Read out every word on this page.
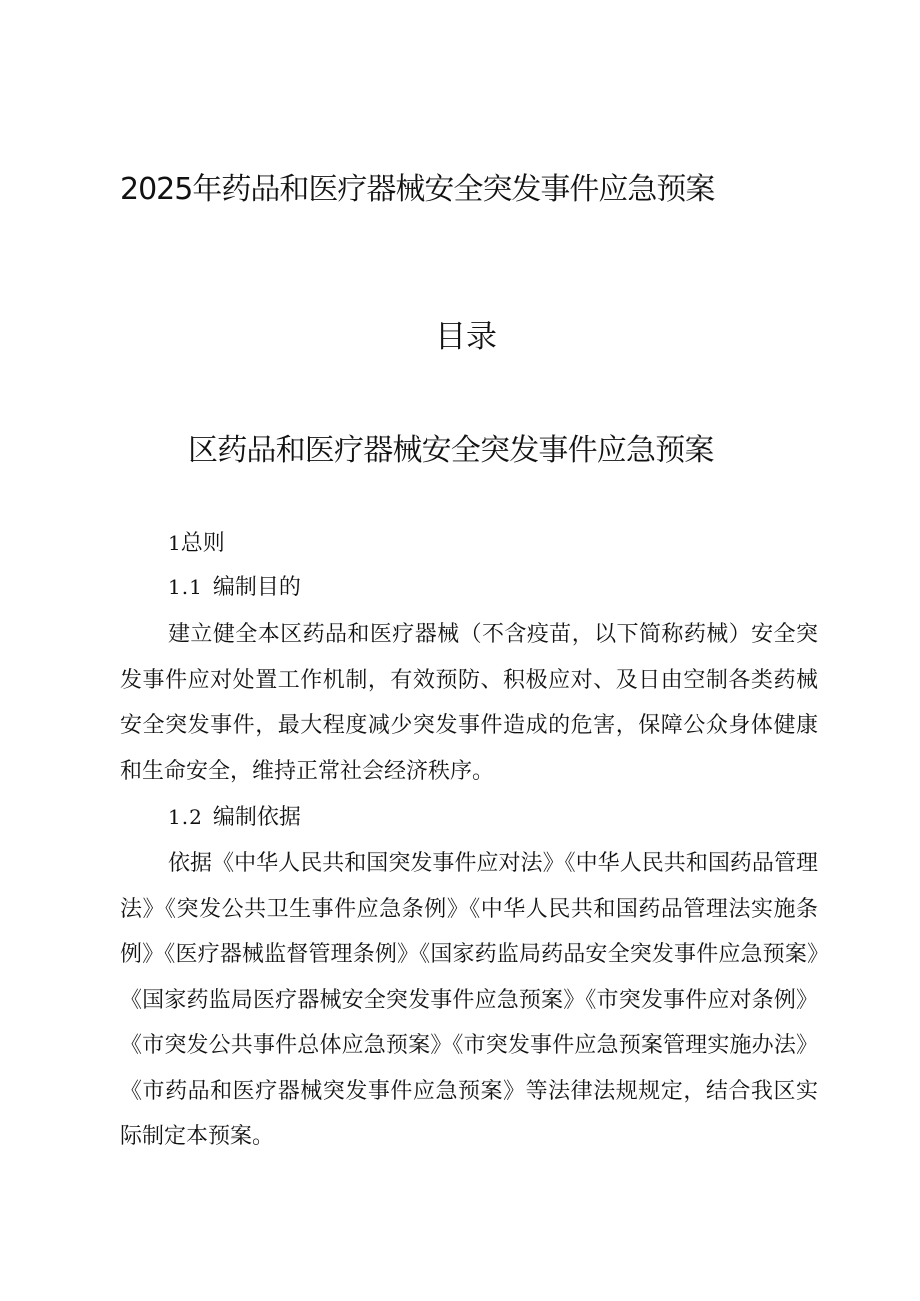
2025年药品和医疗器械安全突发事件应急预案
目录
区药品和医疗器械安全突发事件应急预案
1总则
1.1 编制目的

建立健全本区药品和医疗器械（不含疫苗，以下简称药械）安全突发事件应对处置工作机制，有效预防、积极应对、及日由空制各类药械安全突发事件，最大程度减少突发事件造成的危害，保障公众身体健康和生命安全，维持正常社会经济秩序。

1.2 编制依据

依据《中华人民共和国突发事件应对法》《中华人民共和国药品管理法》《突发公共卫生事件应急条例》《中华人民共和国药品管理法实施条例》《医疗器械监督管理条例》《国家药监局药品安全突发事件应急预案》《国家药监局医疗器械安全突发事件应急预案》《市突发事件应对条例》《市突发公共事件总体应急预案》《市突发事件应急预案管理实施办法》《市药品和医疗器械突发事件应急预案》等法律法规规定，结合我区实际制定本预案。
